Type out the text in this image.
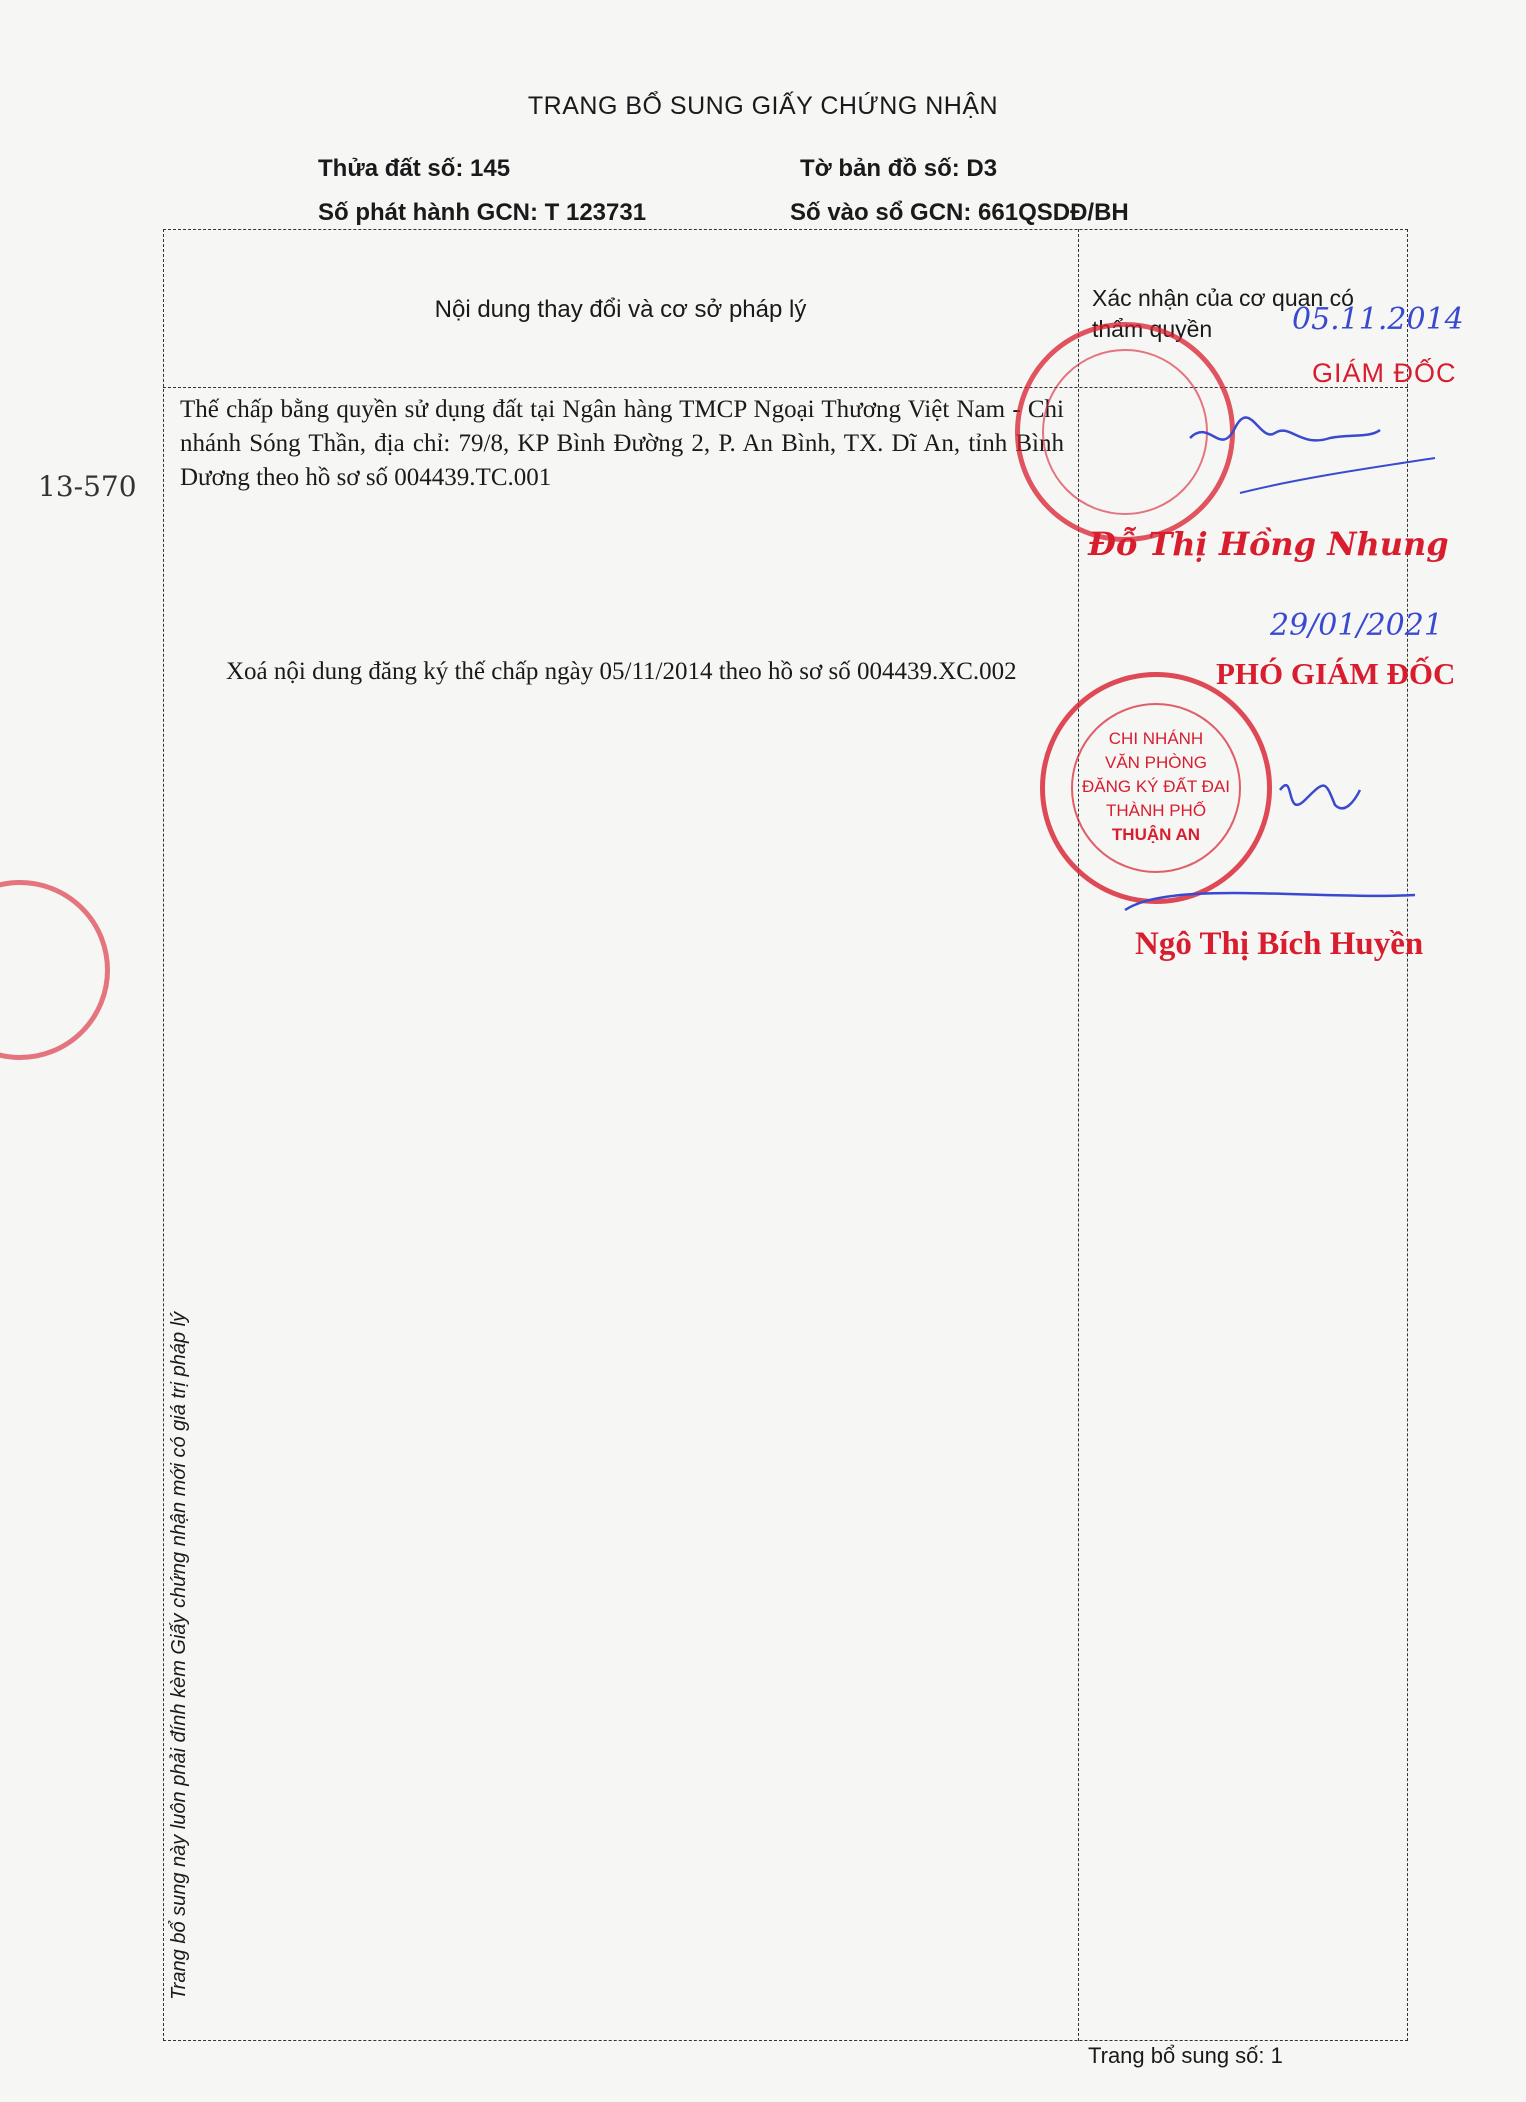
TRANG BỔ SUNG GIẤY CHỨNG NHẬN
Thửa đất số: 145	Tờ bản đồ số: D3
Số phát hành GCN: T 123731	Số vào sổ GCN: 661QSDĐ/BH
Nội dung thay đổi và cơ sở pháp lý	Xác nhận của cơ quan có thẩm quyền
Thế chấp bằng quyền sử dụng đất tại Ngân hàng TMCP Ngoại Thương Việt Nam - Chi nhánh Sóng Thần, địa chỉ: 79/8, KP Bình Đường 2, P. An Bình, TX. Dĩ An, tỉnh Bình Dương theo hồ sơ số 004439.TC.001
Xoá nội dung đăng ký thế chấp ngày 05/11/2014 theo hồ sơ số 004439.XC.002
05.11.2014
GIÁM ĐỐC
Đỗ Thị Hồng Nhung
29/01/2021
PHÓ GIÁM ĐỐC
CHI NHÁNH
VĂN PHÒNG
ĐĂNG KÝ ĐẤT ĐAI
THÀNH PHỐ
THUẬN AN
Ngô Thị Bích Huyền
13-570
Trang bổ sung này luôn phải đính kèm Giấy chứng nhận mới có giá trị pháp lý
Trang bổ sung số: 1
